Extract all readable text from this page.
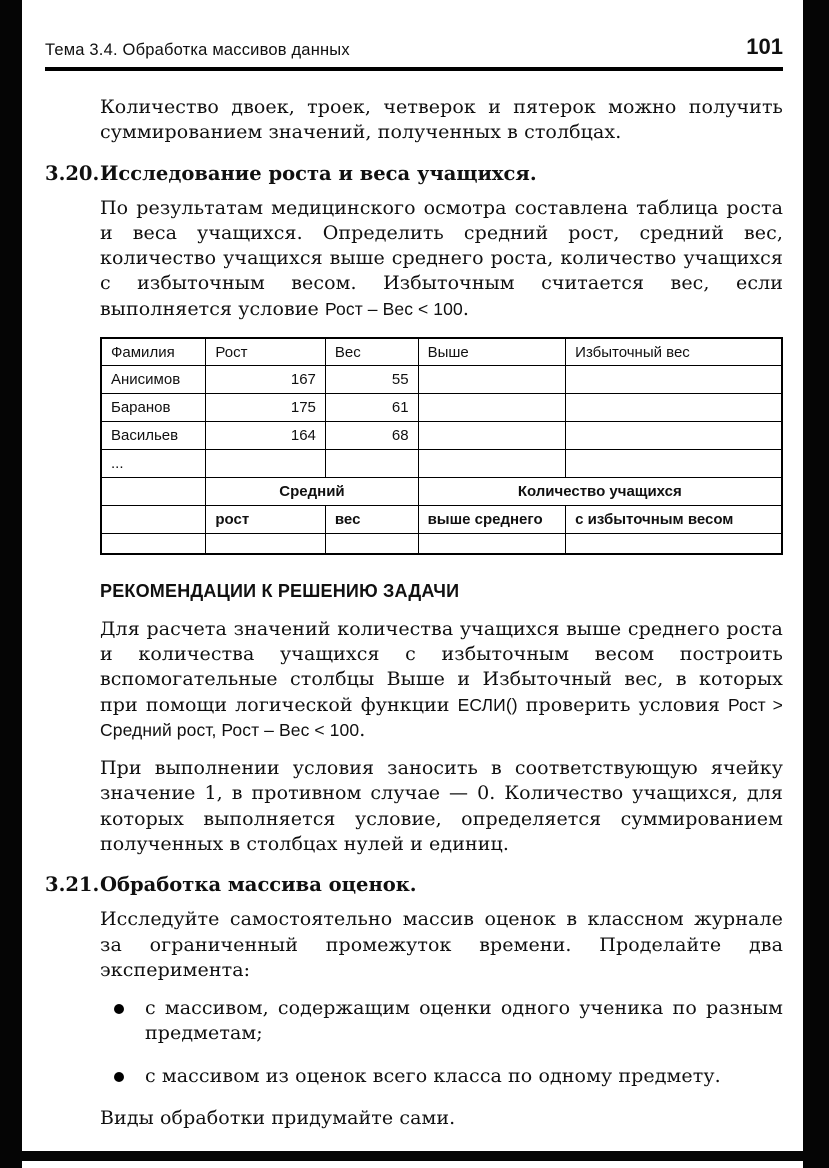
Тема 3.4. Обработка массивов данных	101

Количество двоек, троек, четверок и пятерок можно получить суммированием значений, полученных в столбцах.

3.20. Исследование роста и веса учащихся.

По результатам медицинского осмотра составлена таблица роста и веса учащихся. Определить средний рост, средний вес, количество учащихся выше среднего роста, количество учащихся с избыточным весом. Избыточным считается вес, если выполняется условие Рост – Вес < 100.

Фамилия	Рост	Вес	Выше	Избыточный вес
Анисимов	167	55		
Баранов	175	61		
Васильев	164	68		
...				
	Средний		Количество учащихся	
	рост	вес	выше среднего	с избыточным весом

РЕКОМЕНДАЦИИ К РЕШЕНИЮ ЗАДАЧИ

Для расчета значений количества учащихся выше среднего роста и количества учащихся с избыточным весом построить вспомогательные столбцы Выше и Избыточный вес, в которых при помощи логической функции ЕСЛИ() проверить условия Рост > Средний рост, Рост – Вес < 100.

При выполнении условия заносить в соответствующую ячейку значение 1, в противном случае — 0. Количество учащихся, для которых выполняется условие, определяется суммированием полученных в столбцах нулей и единиц.

3.21. Обработка массива оценок.

Исследуйте самостоятельно массив оценок в классном журнале за ограниченный промежуток времени. Проделайте два эксперимента:

с массивом, содержащим оценки одного ученика по разным предметам;
с массивом из оценок всего класса по одному предмету.

Виды обработки придумайте сами.
